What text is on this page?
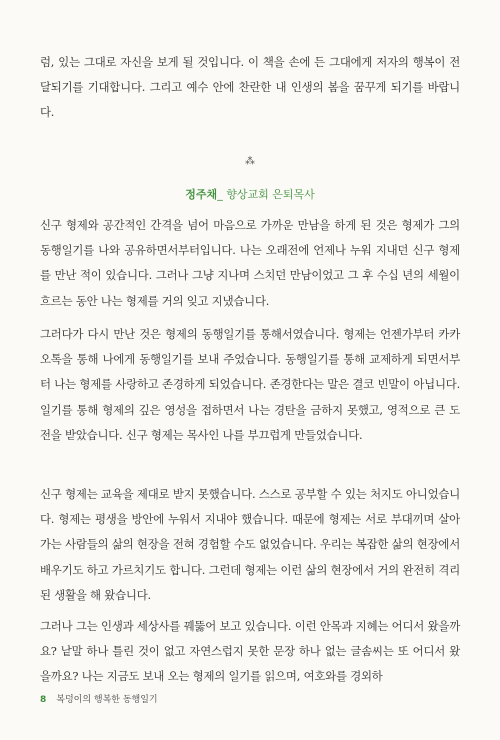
럼, 있는 그대로 자신을 보게 될 것입니다. 이 책을 손에 든 그대에게 저자의 행복이 전달되기를 기대합니다. 그리고 예수 안에 찬란한 내 인생의 봄을 꿈꾸게 되기를 바랍니다.

⁂
정주채_ 향상교회 은퇴목사

신구 형제와 공간적인 간격을 넘어 마음으로 가까운 만남을 하게 된 것은 형제가 그의 동행일기를 나와 공유하면서부터입니다. 나는 오래전에 언제나 누워 지내던 신구 형제를 만난 적이 있습니다. 그러나 그냥 지나며 스치던 만남이었고 그 후 수십 년의 세월이 흐르는 동안 나는 형제를 거의 잊고 지냈습니다.

그러다가 다시 만난 것은 형제의 동행일기를 통해서였습니다. 형제는 언젠가부터 카카오톡을 통해 나에게 동행일기를 보내 주었습니다. 동행일기를 통해 교제하게 되면서부터 나는 형제를 사랑하고 존경하게 되었습니다. 존경한다는 말은 결코 빈말이 아닙니다. 일기를 통해 형제의 깊은 영성을 접하면서 나는 경탄을 금하지 못했고, 영적으로 큰 도전을 받았습니다. 신구 형제는 목사인 나를 부끄럽게 만들었습니다.

신구 형제는 교육을 제대로 받지 못했습니다. 스스로 공부할 수 있는 처지도 아니었습니다. 형제는 평생을 방안에 누워서 지내야 했습니다. 때문에 형제는 서로 부대끼며 살아가는 사람들의 삶의 현장을 전혀 경험할 수도 없었습니다. 우리는 복잡한 삶의 현장에서 배우기도 하고 가르치기도 합니다. 그런데 형제는 이런 삶의 현장에서 거의 완전히 격리된 생활을 해 왔습니다.

그러나 그는 인생과 세상사를 꿰뚫어 보고 있습니다. 이런 안목과 지혜는 어디서 왔을까요? 낱말 하나 틀린 것이 없고 자연스럽지 못한 문장 하나 없는 글솜씨는 또 어디서 왔을까요? 나는 지금도 보내 오는 형제의 일기를 읽으며, 여호와를 경외하

8 복덩이의 행복한 동행일기
